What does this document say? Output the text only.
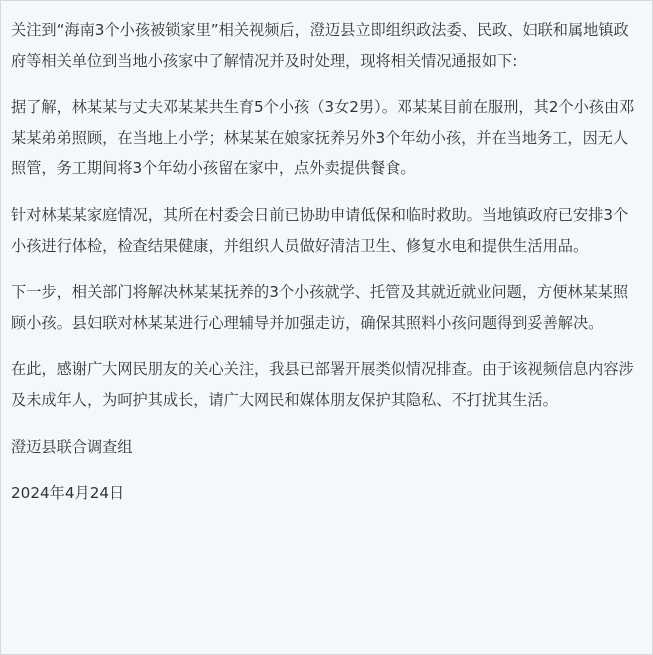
关注到“海南3个小孩被锁家里”相关视频后，澄迈县立即组织政法委、民政、妇联和属地镇政府等相关单位到当地小孩家中了解情况并及时处理，现将相关情况通报如下:

据了解，林某某与丈夫邓某某共生育5个小孩（3女2男）。邓某某目前在服刑，其2个小孩由邓某某弟弟照顾，在当地上小学；林某某在娘家抚养另外3个年幼小孩，并在当地务工，因无人照管，务工期间将3个年幼小孩留在家中，点外卖提供餐食。

针对林某某家庭情况，其所在村委会日前已协助申请低保和临时救助。当地镇政府已安排3个小孩进行体检，检查结果健康，并组织人员做好清洁卫生、修复水电和提供生活用品。

下一步，相关部门将解决林某某抚养的3个小孩就学、托管及其就近就业问题，方便林某某照顾小孩。县妇联对林某某进行心理辅导并加强走访，确保其照料小孩问题得到妥善解决。

在此，感谢广大网民朋友的关心关注，我县已部署开展类似情况排查。由于该视频信息内容涉及未成年人，为呵护其成长，请广大网民和媒体朋友保护其隐私、不打扰其生活。

澄迈县联合调查组

2024年4月24日
